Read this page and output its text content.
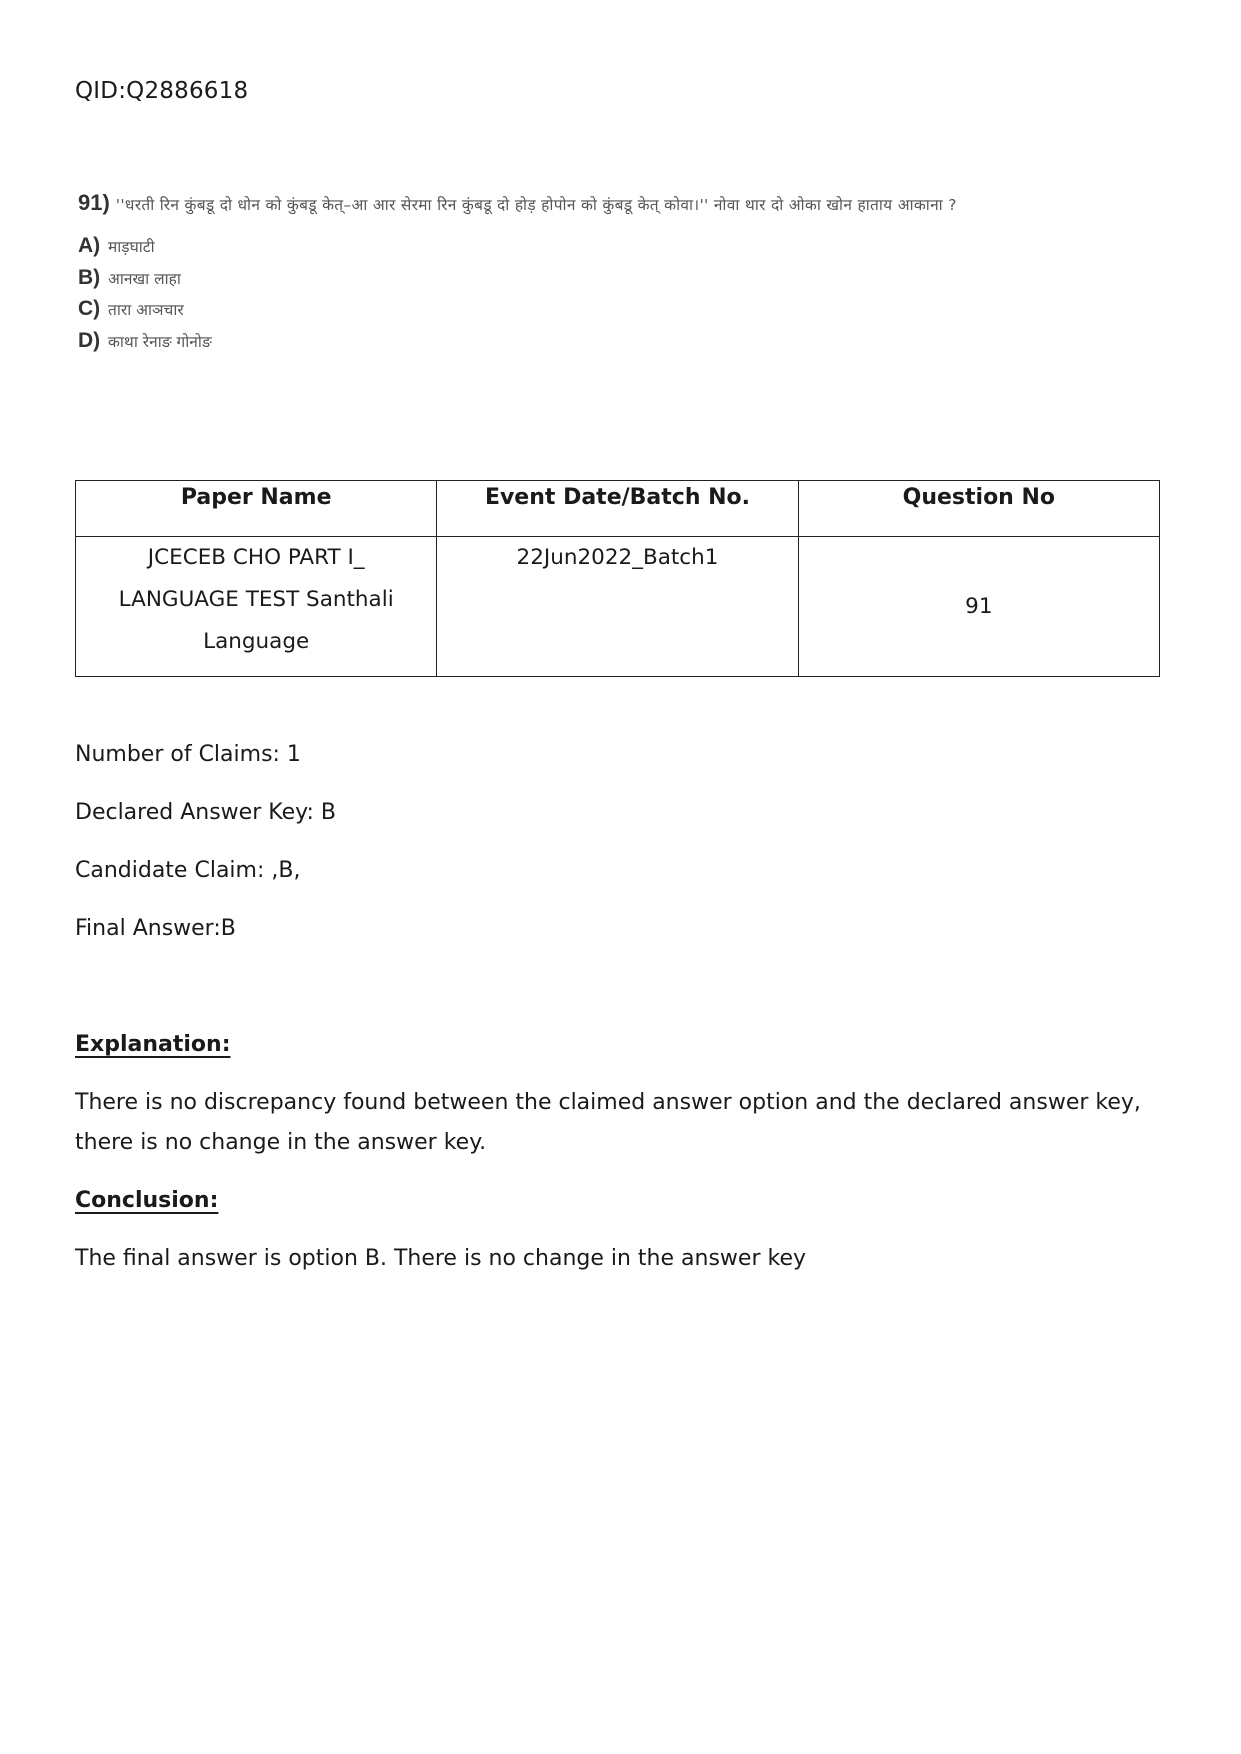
QID:Q2886618
91) ''धरती रिन कुंबडू दो धोन को कुंबडू केत्–आ आर सेरमा रिन कुंबडू दो होड़ होपोन को कुंबडू केत् कोवा।'' नोवा थार दो ओका खोन हाताय आकाना ?
A) माड़घाटी
B) आनखा लाहा
C) तारा आञचार
D) काथा रेनाङ गोनोङ
Paper Name	Event Date/Batch No.	Question No

JCECEB CHO PART I_
LANGUAGE TEST Santhali
Language	22Jun2022_Batch1	91
Number of Claims: 1
Declared Answer Key: B
Candidate Claim: ,B,
Final Answer:B
Explanation:
There is no discrepancy found between the claimed answer option and the declared answer key, there is no change in the answer key.
Conclusion:
The final answer is option B. There is no change in the answer key
